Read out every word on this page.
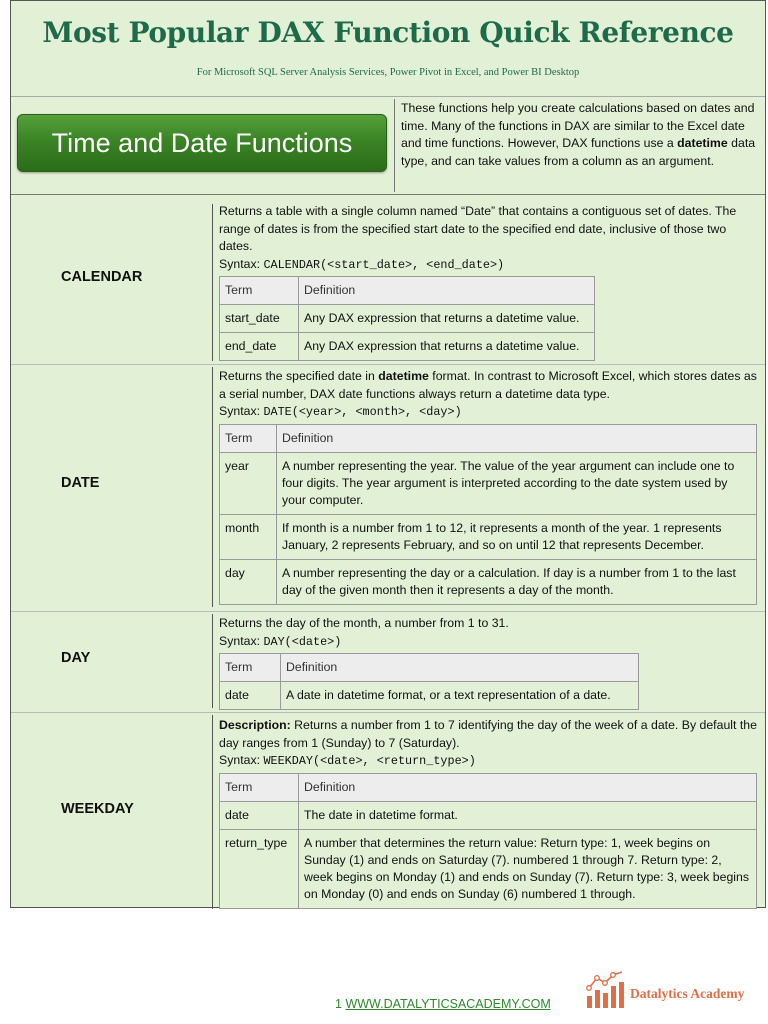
Most Popular DAX Function Quick Reference
For Microsoft SQL Server Analysis Services, Power Pivot in Excel, and Power BI Desktop
Time and Date Functions
These functions help you create calculations based on dates and time. Many of the functions in DAX are similar to the Excel date and time functions. However, DAX functions use a datetime data type, and can take values from a column as an argument.
CALENDAR

Returns a table with a single column named “Date” that contains a contiguous set of dates. The range of dates is from the specified start date to the specified end date, inclusive of those two dates.

Syntax: CALENDAR(<start_date>, <end_date>)

Term	Definition
start_date	Any DAX expression that returns a datetime value.
end_date	Any DAX expression that returns a datetime value.
DATE

Returns the specified date in datetime format. In contrast to Microsoft Excel, which stores dates as a serial number, DAX date functions always return a datetime data type.

Syntax: DATE(<year>, <month>, <day>)

Term	Definition
year	A number representing the year. The value of the year argument can include one to four digits. The year argument is interpreted according to the date system used by your computer.
month	If month is a number from 1 to 12, it represents a month of the year. 1 represents January, 2 represents February, and so on until 12 that represents December.
day	A number representing the day or a calculation. If day is a number from 1 to the last day of the given month then it represents a day of the month.
DAY

Returns the day of the month, a number from 1 to 31.

Syntax: DAY(<date>)

Term	Definition
date	A date in datetime format, or a text representation of a date.
WEEKDAY

Description: Returns a number from 1 to 7 identifying the day of the week of a date. By default the day ranges from 1 (Sunday) to 7 (Saturday).

Syntax: WEEKDAY(<date>, <return_type>)

Term	Definition
date	The date in datetime format.
return_type	A number that determines the return value: Return type: 1, week begins on Sunday (1) and ends on Saturday (7). numbered 1 through 7. Return type: 2, week begins on Monday (1) and ends on Sunday (7). Return type: 3, week begins on Monday (0) and ends on Sunday (6) numbered 1 through.
1 WWW.DATALYTICSACADEMY.COM
Datalytics Academy
